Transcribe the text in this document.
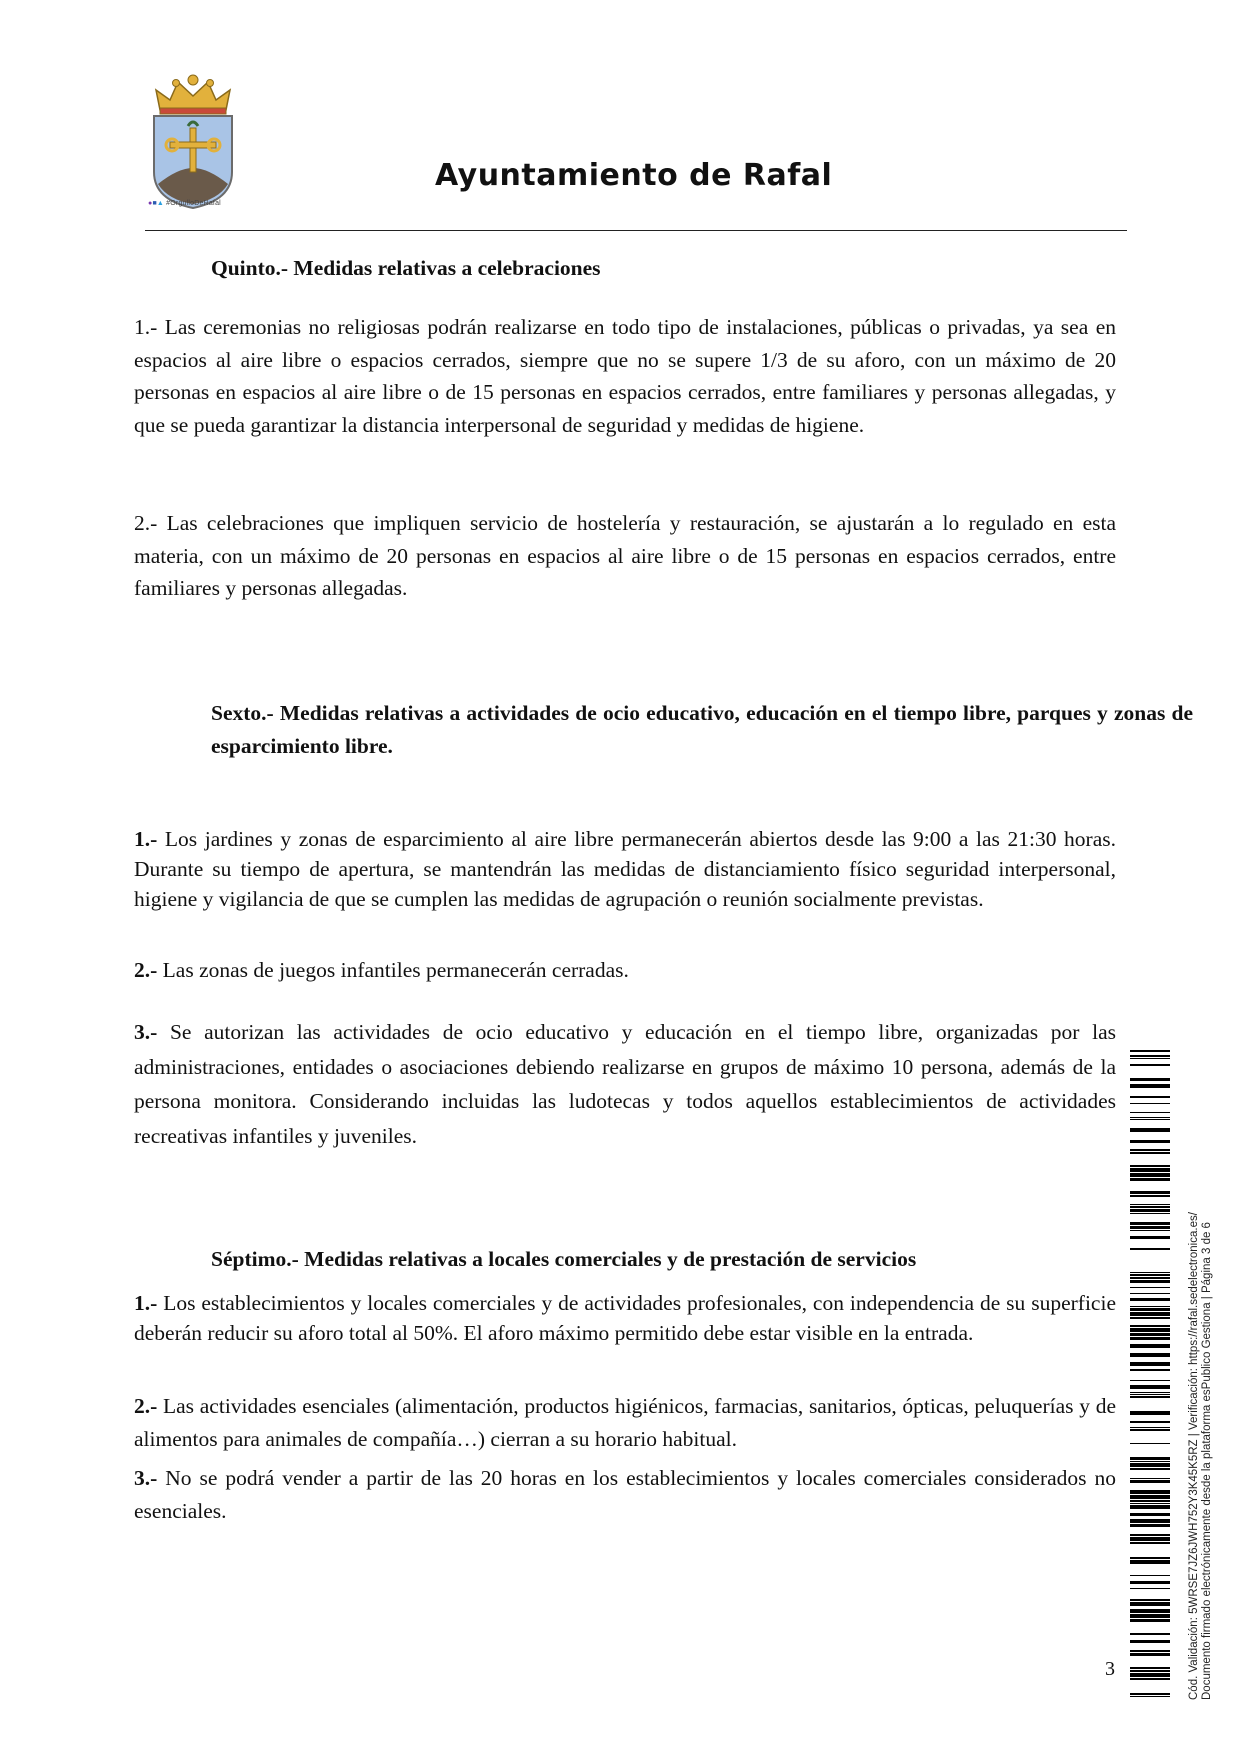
●■▲ #OrgulloDeRafal
Ayuntamiento de Rafal

Quinto.- Medidas relativas a celebraciones

1.- Las ceremonias no religiosas podrán realizarse en todo tipo de instalaciones, públicas o privadas, ya sea en espacios al aire libre o espacios cerrados, siempre que no se supere 1/3 de su aforo, con un máximo de 20 personas en espacios al aire libre o de 15 personas en espacios cerrados, entre familiares y personas allegadas, y que se pueda garantizar la distancia interpersonal de seguridad y medidas de higiene.

2.- Las celebraciones que impliquen servicio de hostelería y restauración, se ajustarán a lo regulado en esta materia, con un máximo de 20 personas en espacios al aire libre o de 15 personas en espacios cerrados, entre familiares y personas allegadas.

Sexto.- Medidas relativas a actividades de ocio educativo, educación en el tiempo libre, parques y zonas de esparcimiento libre.

1.- Los jardines y zonas de esparcimiento al aire libre permanecerán abiertos desde las 9:00 a las 21:30 horas. Durante su tiempo de apertura, se mantendrán las medidas de distanciamiento físico seguridad interpersonal, higiene y vigilancia de que se cumplen las medidas de agrupación o reunión socialmente previstas.

2.- Las zonas de juegos infantiles permanecerán cerradas.

3.- Se autorizan las actividades de ocio educativo y educación en el tiempo libre, organizadas por las administraciones, entidades o asociaciones debiendo realizarse en grupos de máximo 10 persona, además de la persona monitora. Considerando incluidas las ludotecas y todos aquellos establecimientos de actividades recreativas infantiles y juveniles.

Séptimo.- Medidas relativas a locales comerciales y de prestación de servicios

1.- Los establecimientos y locales comerciales y de actividades profesionales, con independencia de su superficie deberán reducir su aforo total al 50%. El aforo máximo permitido debe estar visible en la entrada.

2.- Las actividades esenciales (alimentación, productos higiénicos, farmacias, sanitarios, ópticas, peluquerías y de alimentos para animales de compañía…) cierran a su horario habitual.

3.- No se podrá vender a partir de las 20 horas en los establecimientos y locales comerciales considerados no esenciales.

3	Cód. Validación: 5WRSE7JZ6JWH752Y3K45K5RZ | Verificación: https://rafal.sedelectronica.es/ Documento firmado electrónicamente desde la plataforma esPublico Gestiona | Página 3 de 6
